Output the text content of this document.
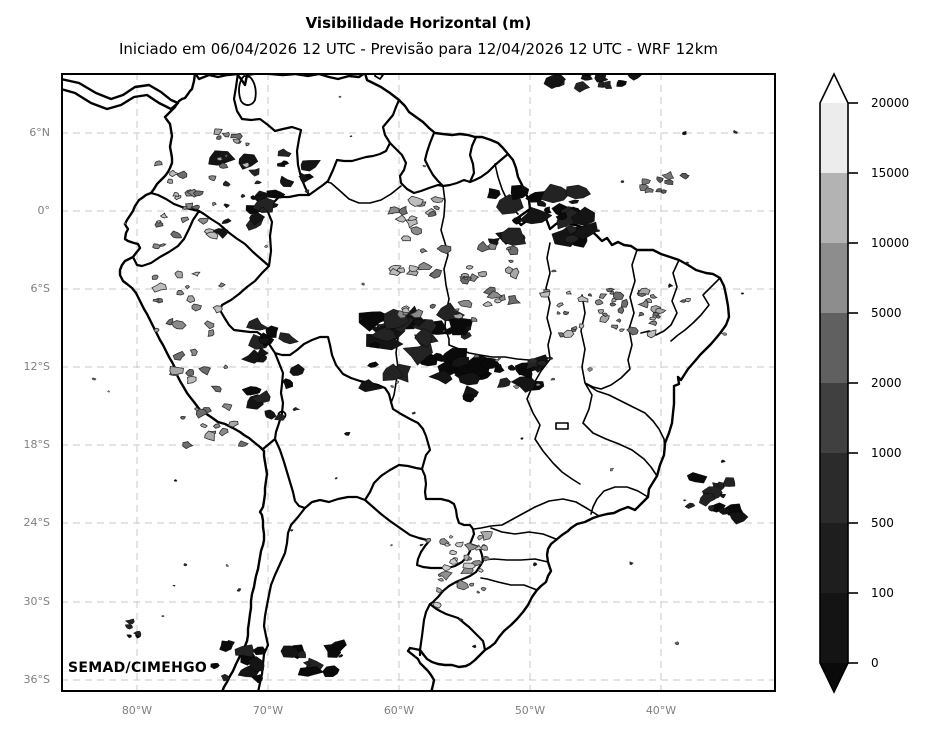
Visibilidade Horizontal (m)
Iniciado em 06/04/2026 12 UTC - Previsão para 12/04/2026 12 UTC - WRF 12km
6°N
0°
6°S
12°S
18°S
24°S
30°S
36°S
80°W	70°W	60°W	50°W	40°W
SEMAD/CIMEHGO
20000
15000
10000
5000
2000
1000
500
100
0
